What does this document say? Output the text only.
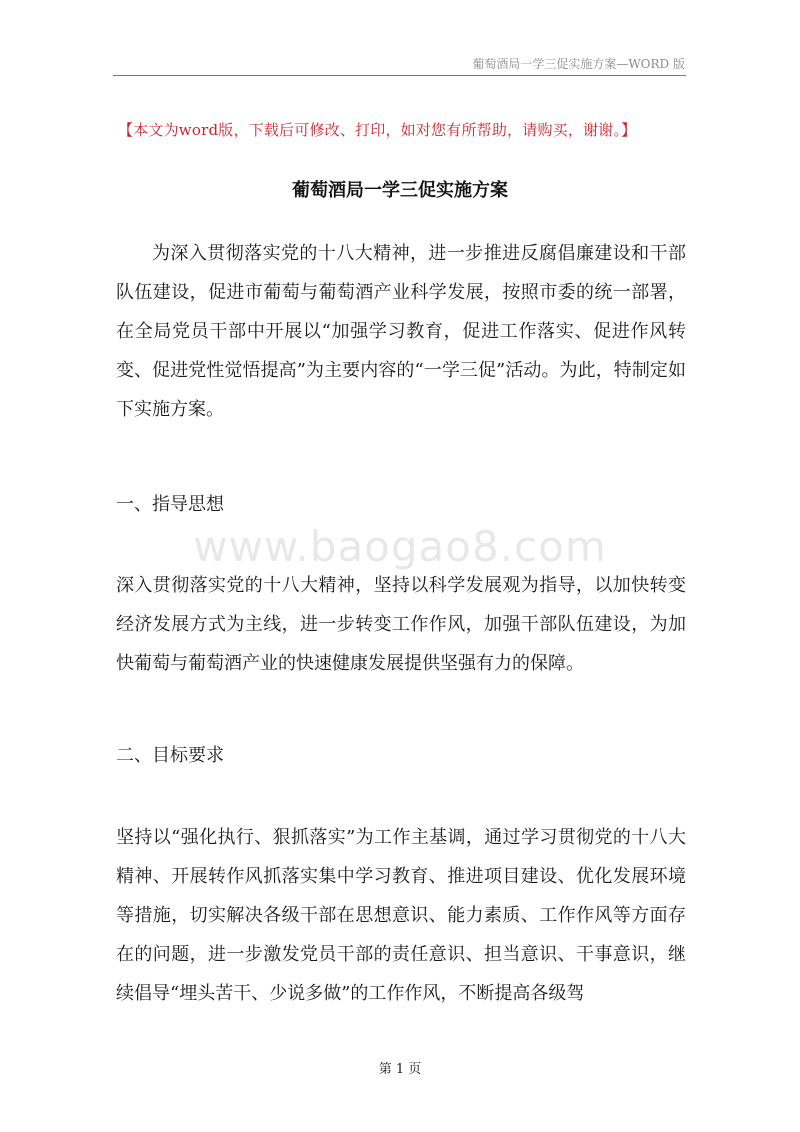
葡萄酒局一学三促实施方案—WORD 版
【本文为word版，下载后可修改、打印，如对您有所帮助，请购买，谢谢。】
葡萄酒局一学三促实施方案
为深入贯彻落实党的十八大精神，进一步推进反腐倡廉建设和干部队伍建设，促进市葡萄与葡萄酒产业科学发展，按照市委的统一部署，在全局党员干部中开展以“加强学习教育，促进工作落实、促进作风转变、促进党性觉悟提高”为主要内容的“一学三促”活动。为此，特制定如下实施方案。
一、指导思想
www.baogao8.com
深入贯彻落实党的十八大精神，坚持以科学发展观为指导，以加快转变经济发展方式为主线，进一步转变工作作风，加强干部队伍建设，为加快葡萄与葡萄酒产业的快速健康发展提供坚强有力的保障。
二、目标要求
坚持以“强化执行、狠抓落实”为工作主基调，通过学习贯彻党的十八大精神、开展转作风抓落实集中学习教育、推进项目建设、优化发展环境等措施，切实解决各级干部在思想意识、能力素质、工作作风等方面存在的问题，进一步激发党员干部的责任意识、担当意识、干事意识，继续倡导“埋头苦干、少说多做”的工作作风，不断提高各级驾
第 1 页
